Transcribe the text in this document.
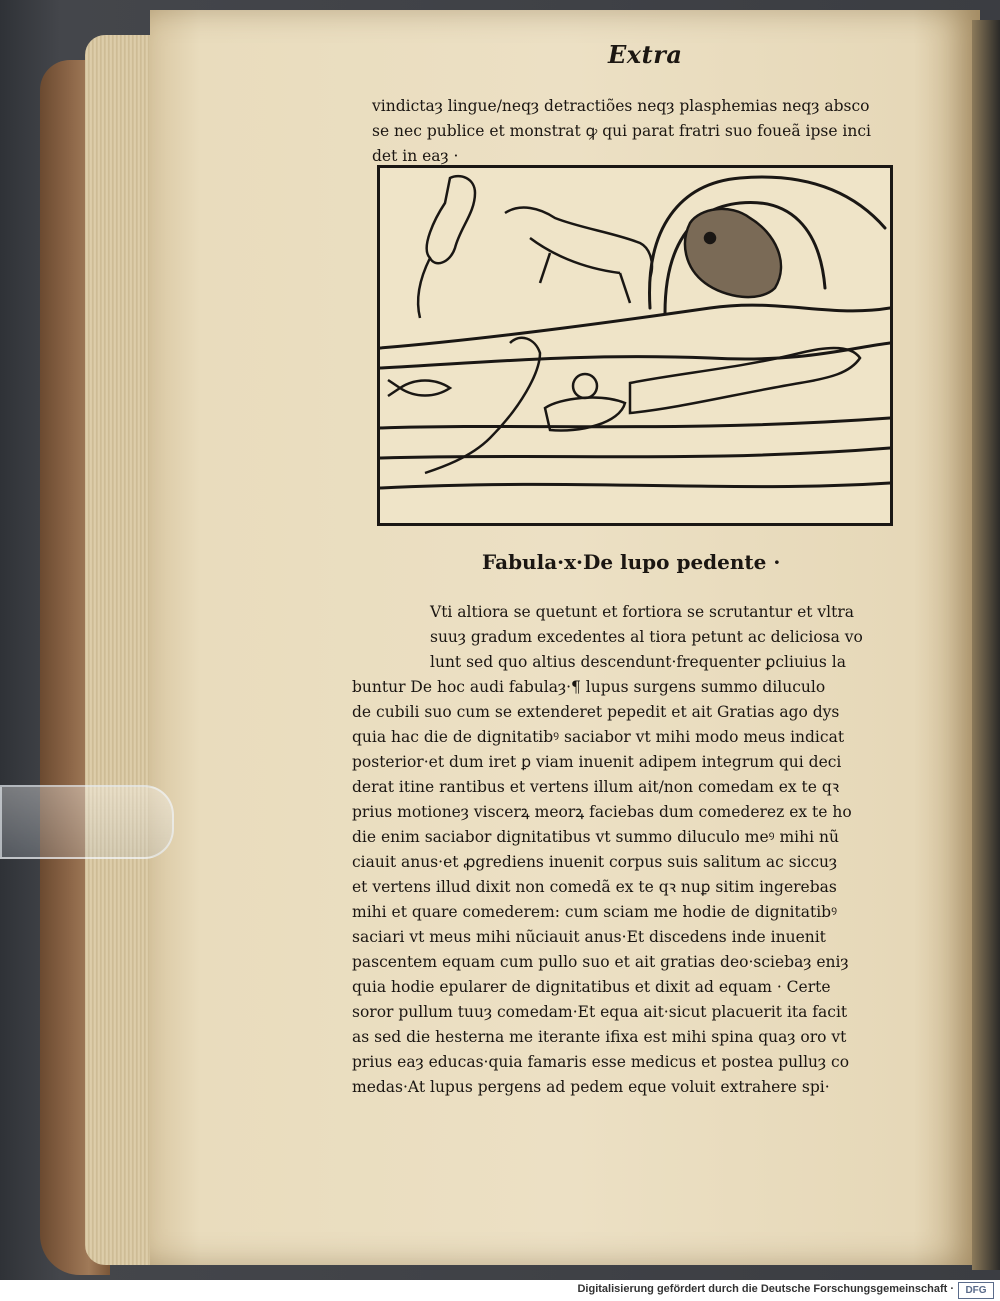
Extra
vindictaȝ lingue/neqȝ detractiões neqȝ plasphemias neqȝ absco
se nec publice et monstrat ꝙ qui parat fratri suo foueã ipse inci
det in eaȝ ·
Fabula·x·De lupo pedente ·
Vti altiora se quetunt et fortiora se scrutantur et vltra
suuȝ gradum excedentes al tiora petunt ac deliciosa vo
lunt sed quo altius descendunt·frequenter ꝑcliuius la
buntur De hoc audi fabulaȝ·¶ lupus surgens summo diluculo
de cubili suo cum se extenderet pepedit et ait Gratias ago dys
quia hac die de dignitatibꝰ saciabor vt mihi modo meus indicat
posterior·et dum iret ꝑ viam inuenit adipem integrum qui deci
derat itine rantibus et vertens illum ait/non comedam ex te qꝛ
prius motioneȝ viscerꝝ meorꝝ faciebas dum comederez ex te ho
die enim saciabor dignitatibus vt summo diluculo meꝰ mihi nũ
ciauit anus·et ꝓgrediens inuenit corpus suis salitum ac siccuȝ
et vertens illud dixit non comedã ex te qꝛ nuꝑ sitim ingerebas
mihi et quare comederem: cum sciam me hodie de dignitatibꝰ
saciari vt meus mihi nũciauit anus·Et discedens inde inuenit
pascentem equam cum pullo suo et ait gratias deo·sciebaȝ eniȝ
quia hodie epularer de dignitatibus et dixit ad equam · Certe
soror pullum tuuȝ comedam·Et equa ait·sicut placuerit ita facit
as sed die hesterna me iterante ifixa est mihi spina quaȝ oro vt
prius eaȝ educas·quia famaris esse medicus et postea pulluȝ co
medas·At lupus pergens ad pedem eque voluit extrahere spi·
Digitalisierung gefördert durch die Deutsche Forschungsgemeinschaft ·	DFG
